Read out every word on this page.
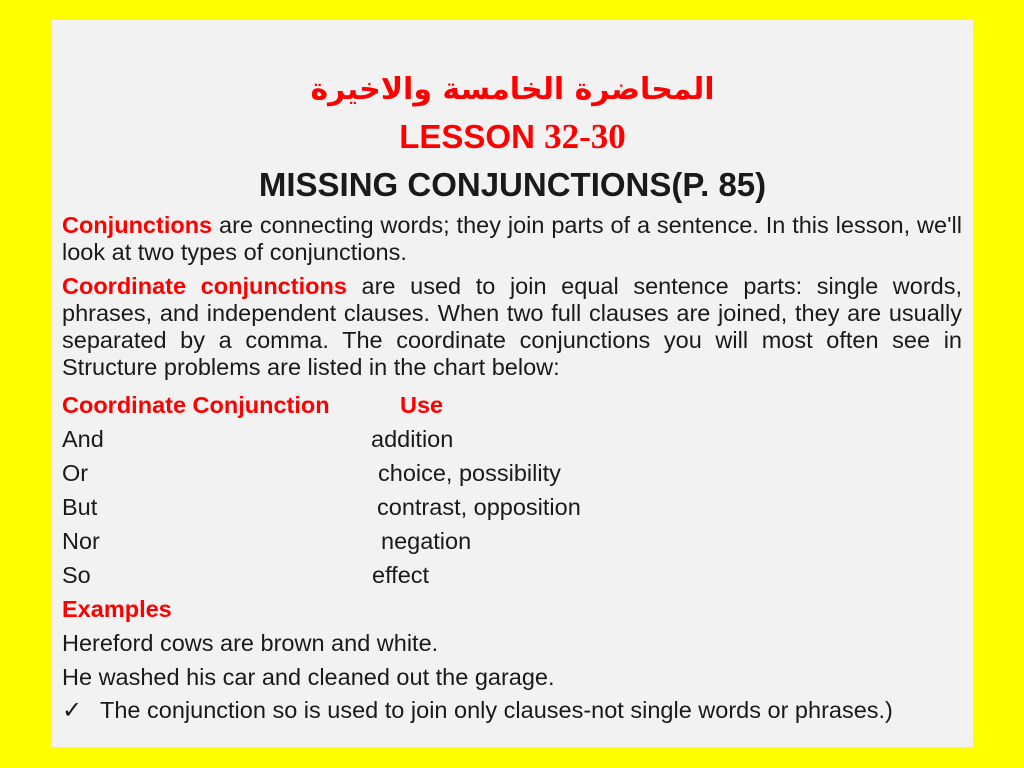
المحاضرة الخامسة والاخيرة
LESSON 32-30
MISSING CONJUNCTIONS(P. 85)

Conjunctions are connecting words; they join parts of a sentence. In this lesson, we'll look at two types of conjunctions.

Coordinate conjunctions are used to join equal sentence parts: single words, phrases, and independent clauses. When two full clauses are joined, they are usually separated by a comma. The coordinate conjunctions you will most often see in Structure problems are listed in the chart below:

Coordinate Conjunction	Use
And	addition
Or	choice, possibility
But	contrast, opposition
Nor	negation
So	effect
Examples
Hereford cows are brown and white.
He washed his car and cleaned out the garage.
✓ The conjunction so is used to join only clauses-not single words or phrases.)
